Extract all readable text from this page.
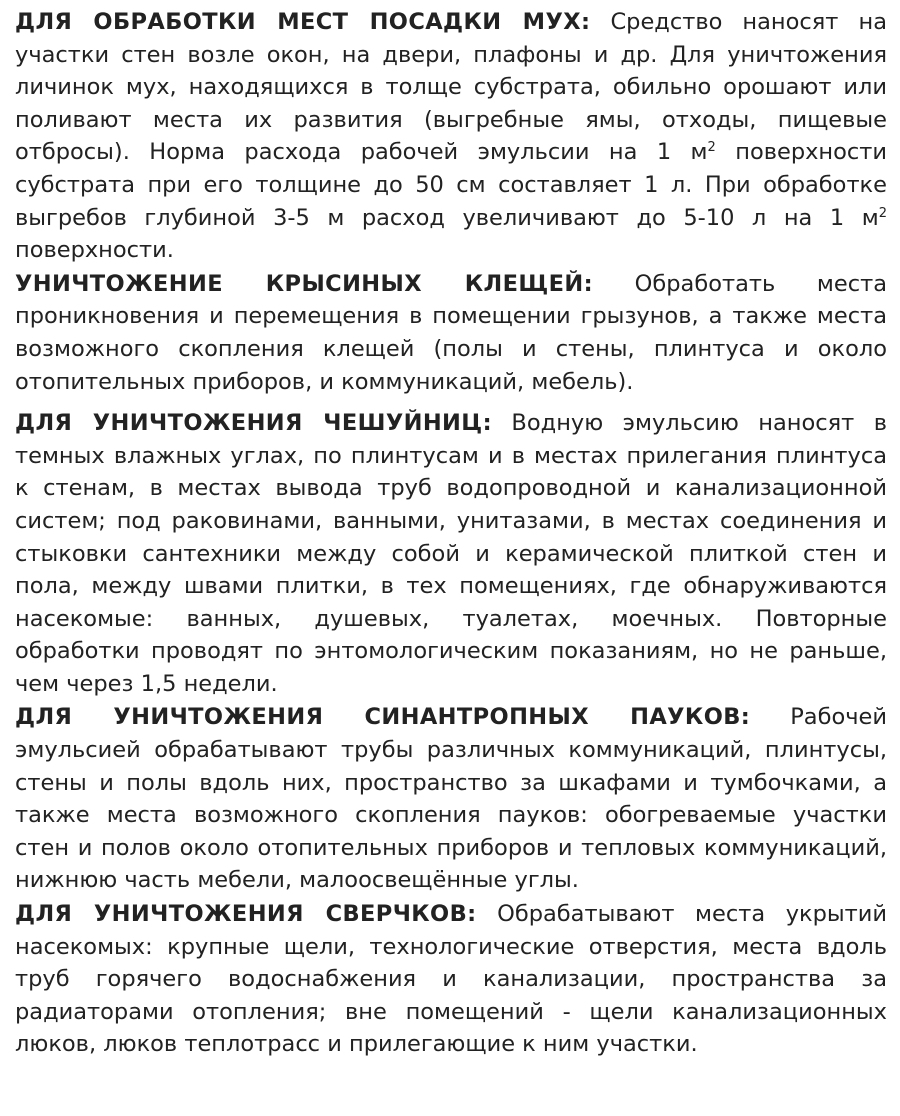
ДЛЯ ОБРАБОТКИ МЕСТ ПОСАДКИ МУХ: Средство наносят на участки стен возле окон, на двери, плафоны и др. Для уничтожения личинок мух, находящихся в толще субстрата, обильно орошают или поливают места их развития (выгребные ямы, отходы, пищевые отбросы). Норма расхода рабочей эмульсии на 1 $м^2$ поверхности субстрата при его толщине до 50 см составляет 1 л. При обработке выгребов глубиной 3-5 м расход увеличивают до 5-10 л на 1 $м^2$ поверхности.

УНИЧТОЖЕНИЕ КРЫСИНЫХ КЛЕЩЕЙ: Обработать места проникновения и перемещения в помещении грызунов, а также места возможного скопления клещей (полы и стены, плинтуса и около отопительных приборов, и коммуникаций, мебель).

ДЛЯ УНИЧТОЖЕНИЯ ЧЕШУЙНИЦ: Водную эмульсию наносят в темных влажных углах, по плинтусам и в местах прилегания плинтуса к стенам, в местах вывода труб водопроводной и канализационной систем; под раковинами, ванными, унитазами, в местах соединения и стыковки сантехники между собой и керамической плиткой стен и пола, между швами плитки, в тех помещениях, где обнаруживаются насекомые: ванных, душевых, туалетах, моечных. Повторные обработки проводят по энтомологическим показаниям, но не раньше, чем через 1,5 недели.

ДЛЯ УНИЧТОЖЕНИЯ СИНАНТРОПНЫХ ПАУКОВ: Рабочей эмульсией обрабатывают трубы различных коммуникаций, плинтусы, стены и полы вдоль них, пространство за шкафами и тумбочками, а также места возможного скопления пауков: обогреваемые участки стен и полов около отопительных приборов и тепловых коммуникаций, нижнюю часть мебели, малоосвещённые углы.

ДЛЯ УНИЧТОЖЕНИЯ СВЕРЧКОВ: Обрабатывают места укрытий насекомых: крупные щели, технологические отверстия, места вдоль труб горячего водоснабжения и канализации, пространства за радиаторами отопления; вне помещений - щели канализационных люков, люков теплотрасс и прилегающие к ним участки.
